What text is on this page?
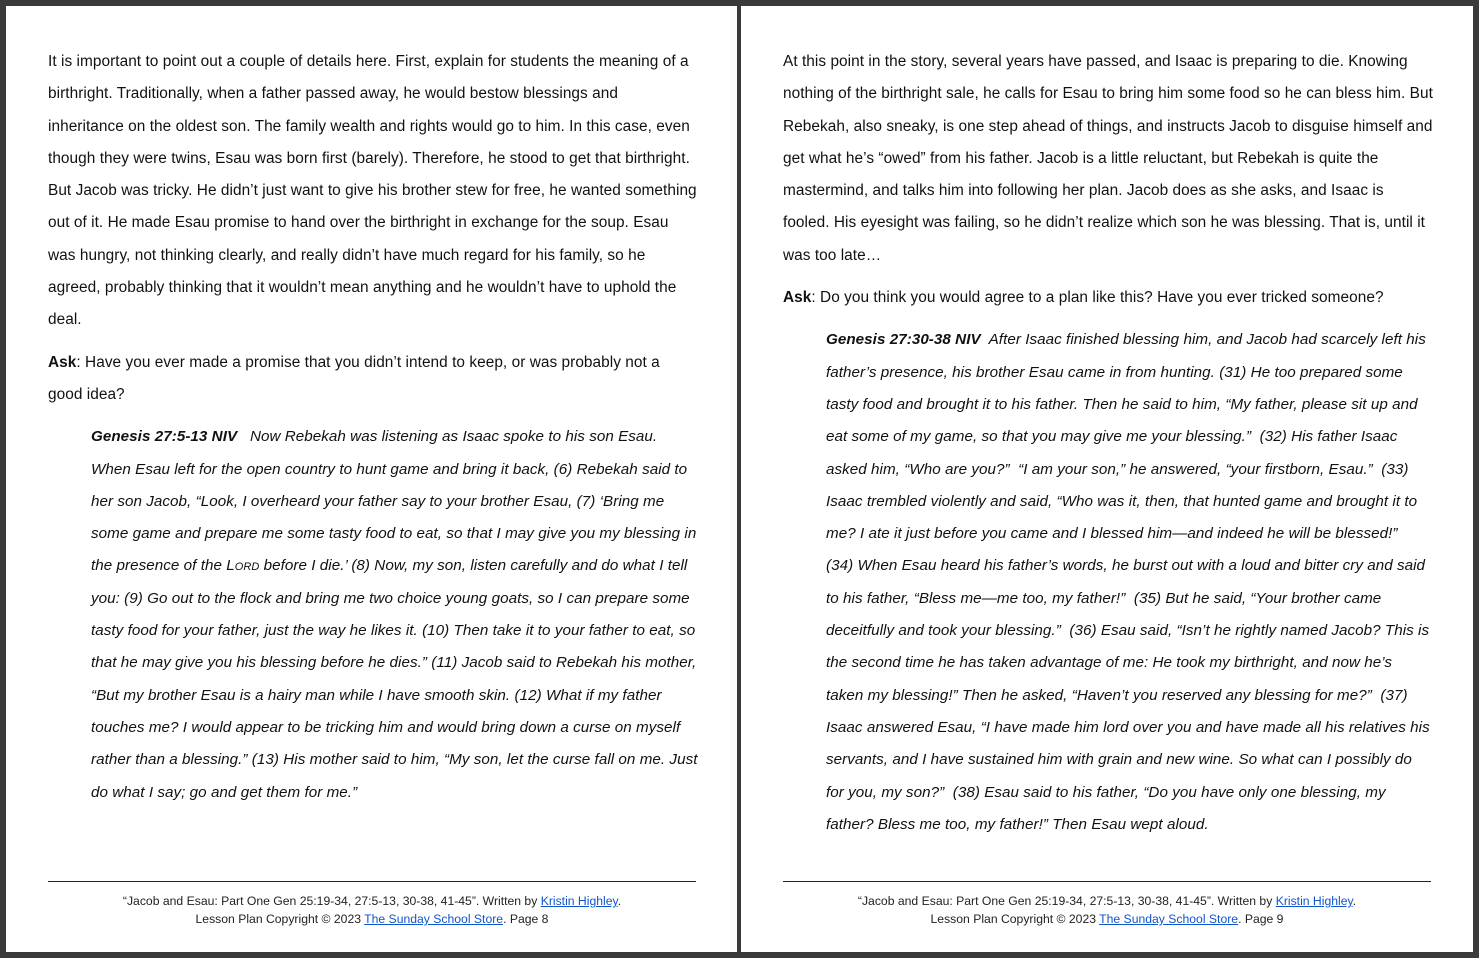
It is important to point out a couple of details here. First, explain for students the meaning of a birthright. Traditionally, when a father passed away, he would bestow blessings and inheritance on the oldest son. The family wealth and rights would go to him. In this case, even though they were twins, Esau was born first (barely). Therefore, he stood to get that birthright. But Jacob was tricky. He didn’t just want to give his brother stew for free, he wanted something out of it. He made Esau promise to hand over the birthright in exchange for the soup. Esau was hungry, not thinking clearly, and really didn’t have much regard for his family, so he agreed, probably thinking that it wouldn’t mean anything and he wouldn’t have to uphold the deal.

Ask: Have you ever made a promise that you didn’t intend to keep, or was probably not a good idea?

Genesis 27:5-13 NIV   Now Rebekah was listening as Isaac spoke to his son Esau. When Esau left for the open country to hunt game and bring it back, (6) Rebekah said to her son Jacob, “Look, I overheard your father say to your brother Esau, (7) ‘Bring me some game and prepare me some tasty food to eat, so that I may give you my blessing in the presence of the Lord before I die.’ (8) Now, my son, listen carefully and do what I tell you: (9) Go out to the flock and bring me two choice young goats, so I can prepare some tasty food for your father, just the way he likes it. (10) Then take it to your father to eat, so that he may give you his blessing before he dies.” (11) Jacob said to Rebekah his mother, “But my brother Esau is a hairy man while I have smooth skin. (12) What if my father touches me? I would appear to be tricking him and would bring down a curse on myself rather than a blessing.” (13) His mother said to him, “My son, let the curse fall on me. Just do what I say; go and get them for me.”

“Jacob and Esau: Part One Gen 25:19-34, 27:5-13, 30-38, 41-45”. Written by Kristin Highley.
Lesson Plan Copyright © 2023 The Sunday School Store. Page 8

At this point in the story, several years have passed, and Isaac is preparing to die. Knowing nothing of the birthright sale, he calls for Esau to bring him some food so he can bless him. But Rebekah, also sneaky, is one step ahead of things, and instructs Jacob to disguise himself and get what he’s “owed” from his father. Jacob is a little reluctant, but Rebekah is quite the mastermind, and talks him into following her plan. Jacob does as she asks, and Isaac is fooled. His eyesight was failing, so he didn’t realize which son he was blessing. That is, until it was too late…

Ask: Do you think you would agree to a plan like this? Have you ever tricked someone?

Genesis 27:30-38 NIV  After Isaac finished blessing him, and Jacob had scarcely left his father’s presence, his brother Esau came in from hunting. (31) He too prepared some tasty food and brought it to his father. Then he said to him, “My father, please sit up and eat some of my game, so that you may give me your blessing.”  (32) His father Isaac asked him, “Who are you?”  “I am your son,” he answered, “your firstborn, Esau.”  (33) Isaac trembled violently and said, “Who was it, then, that hunted game and brought it to me? I ate it just before you came and I blessed him—and indeed he will be blessed!”  (34) When Esau heard his father’s words, he burst out with a loud and bitter cry and said to his father, “Bless me—me too, my father!”  (35) But he said, “Your brother came deceitfully and took your blessing.”  (36) Esau said, “Isn’t he rightly named Jacob? This is the second time he has taken advantage of me: He took my birthright, and now he’s taken my blessing!” Then he asked, “Haven’t you reserved any blessing for me?”  (37) Isaac answered Esau, “I have made him lord over you and have made all his relatives his servants, and I have sustained him with grain and new wine. So what can I possibly do for you, my son?”  (38) Esau said to his father, “Do you have only one blessing, my father? Bless me too, my father!” Then Esau wept aloud.

“Jacob and Esau: Part One Gen 25:19-34, 27:5-13, 30-38, 41-45”. Written by Kristin Highley.
Lesson Plan Copyright © 2023 The Sunday School Store. Page 9
